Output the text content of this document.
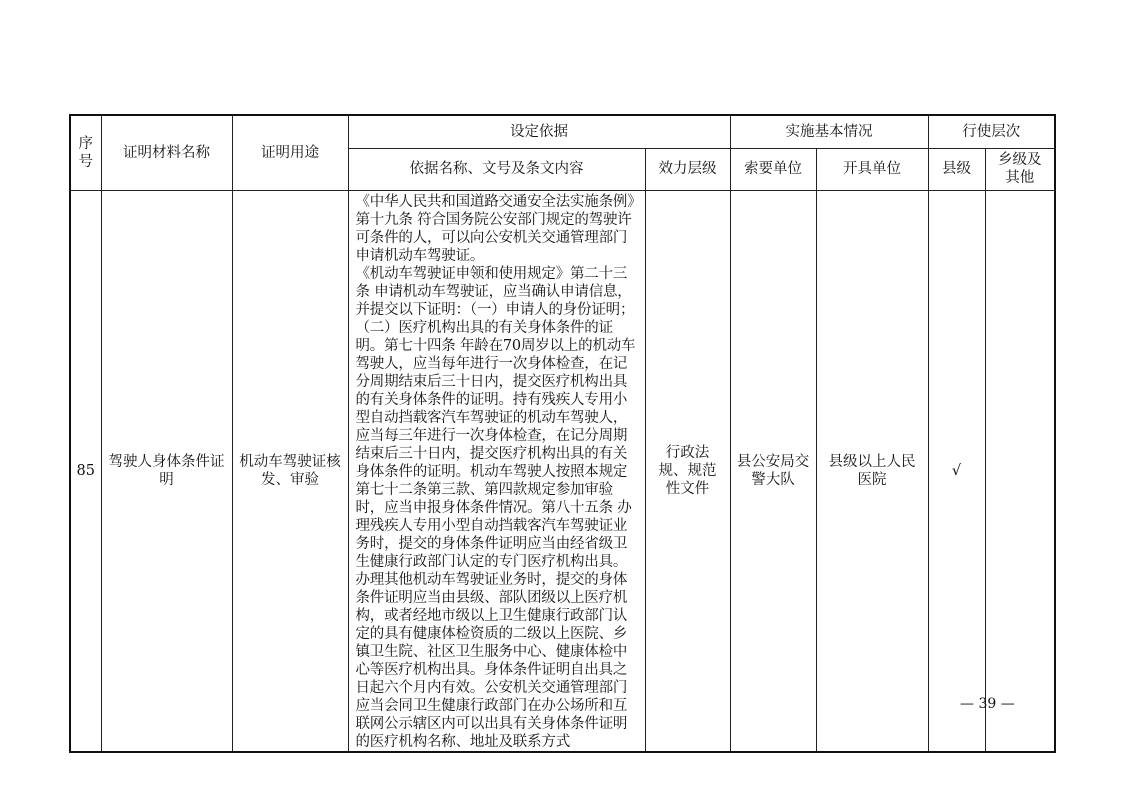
序号	证明材料名称	证明用途	设定依据		实施基本情况		行使层次	
			依据名称、文号及条文内容	效力层级	索要单位	开具单位	县级	乡级及其他
85	驾驶人身体条件证明	机动车驾驶证核发、审验	《中华人民共和国道路交通安全法实施条例》第十九条 符合国务院公安部门规定的驾驶许可条件的人，可以向公安机关交通管理部门申请机动车驾驶证。

《机动车驾驶证申领和使用规定》第二十三条 申请机动车驾驶证，应当确认申请信息，并提交以下证明：（一）申请人的身份证明；（二）医疗机构出具的有关身体条件的证明。第七十四条 年龄在70周岁以上的机动车驾驶人，应当每年进行一次身体检查，在记分周期结束后三十日内，提交医疗机构出具的有关身体条件的证明。持有残疾人专用小型自动挡载客汽车驾驶证的机动车驾驶人，应当每三年进行一次身体检查，在记分周期结束后三十日内，提交医疗机构出具的有关身体条件的证明。机动车驾驶人按照本规定第七十二条第三款、第四款规定参加审验时，应当申报身体条件情况。第八十五条 办理残疾人专用小型自动挡载客汽车驾驶证业务时，提交的身体条件证明应当由经省级卫生健康行政部门认定的专门医疗机构出具。办理其他机动车驾驶证业务时，提交的身体条件证明应当由县级、部队团级以上医疗机构，或者经地市级以上卫生健康行政部门认定的具有健康体检资质的二级以上医院、乡镇卫生院、社区卫生服务中心、健康体检中心等医疗机构出具。身体条件证明自出具之日起六个月内有效。公安机关交通管理部门应当会同卫生健康行政部门在办公场所和互联网公示辖区内可以出具有关身体条件证明的医疗机构名称、地址及联系方式	行政法规、规范性文件	县公安局交警大队	县级以上人民医院	√	
— 39 —
